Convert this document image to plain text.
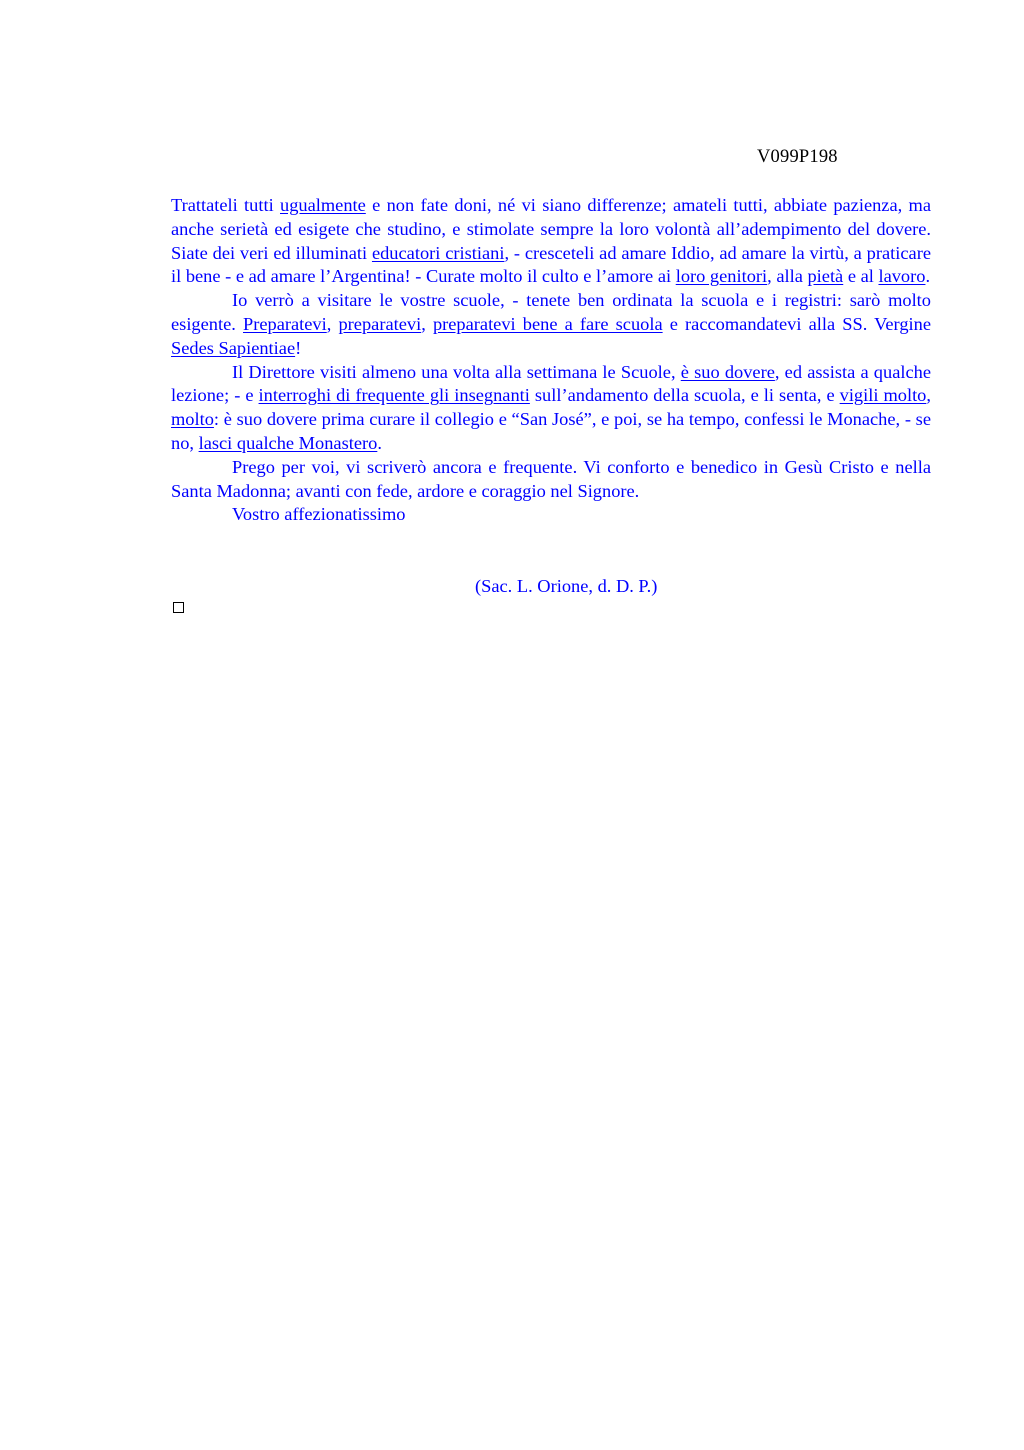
V099P198

Trattateli tutti ugualmente e non fate doni, né vi siano differenze; amateli tutti, abbiate pazienza, ma anche serietà ed esigete che studino, e stimolate sempre la loro volontà all’adempimento del dovere. Siate dei veri ed illuminati educatori cristiani, - cresceteli ad amare Iddio, ad amare la virtù, a praticare il bene - e ad amare l’Argentina! - Curate molto il culto e l’amore ai loro genitori, alla pietà e al lavoro.

Io verrò a visitare le vostre scuole, - tenete ben ordinata la scuola e i registri: sarò molto esigente. Preparatevi, preparatevi, preparatevi bene a fare scuola e raccomandatevi alla SS. Vergine Sedes Sapientiae!

Il Direttore visiti almeno una volta alla settimana le Scuole, è suo dovere, ed assista a qualche lezione; - e interroghi di frequente gli insegnanti sull’andamento della scuola, e li senta, e vigili molto, molto: è suo dovere prima curare il collegio e “San José”, e poi, se ha tempo, confessi le Monache, - se no, lasci qualche Monastero.

Prego per voi, vi scriverò ancora e frequente. Vi conforto e benedico in Gesù Cristo e nella Santa Madonna; avanti con fede, ardore e coraggio nel Signore.

Vostro affezionatissimo

(Sac. L. Orione, d. D. P.)
